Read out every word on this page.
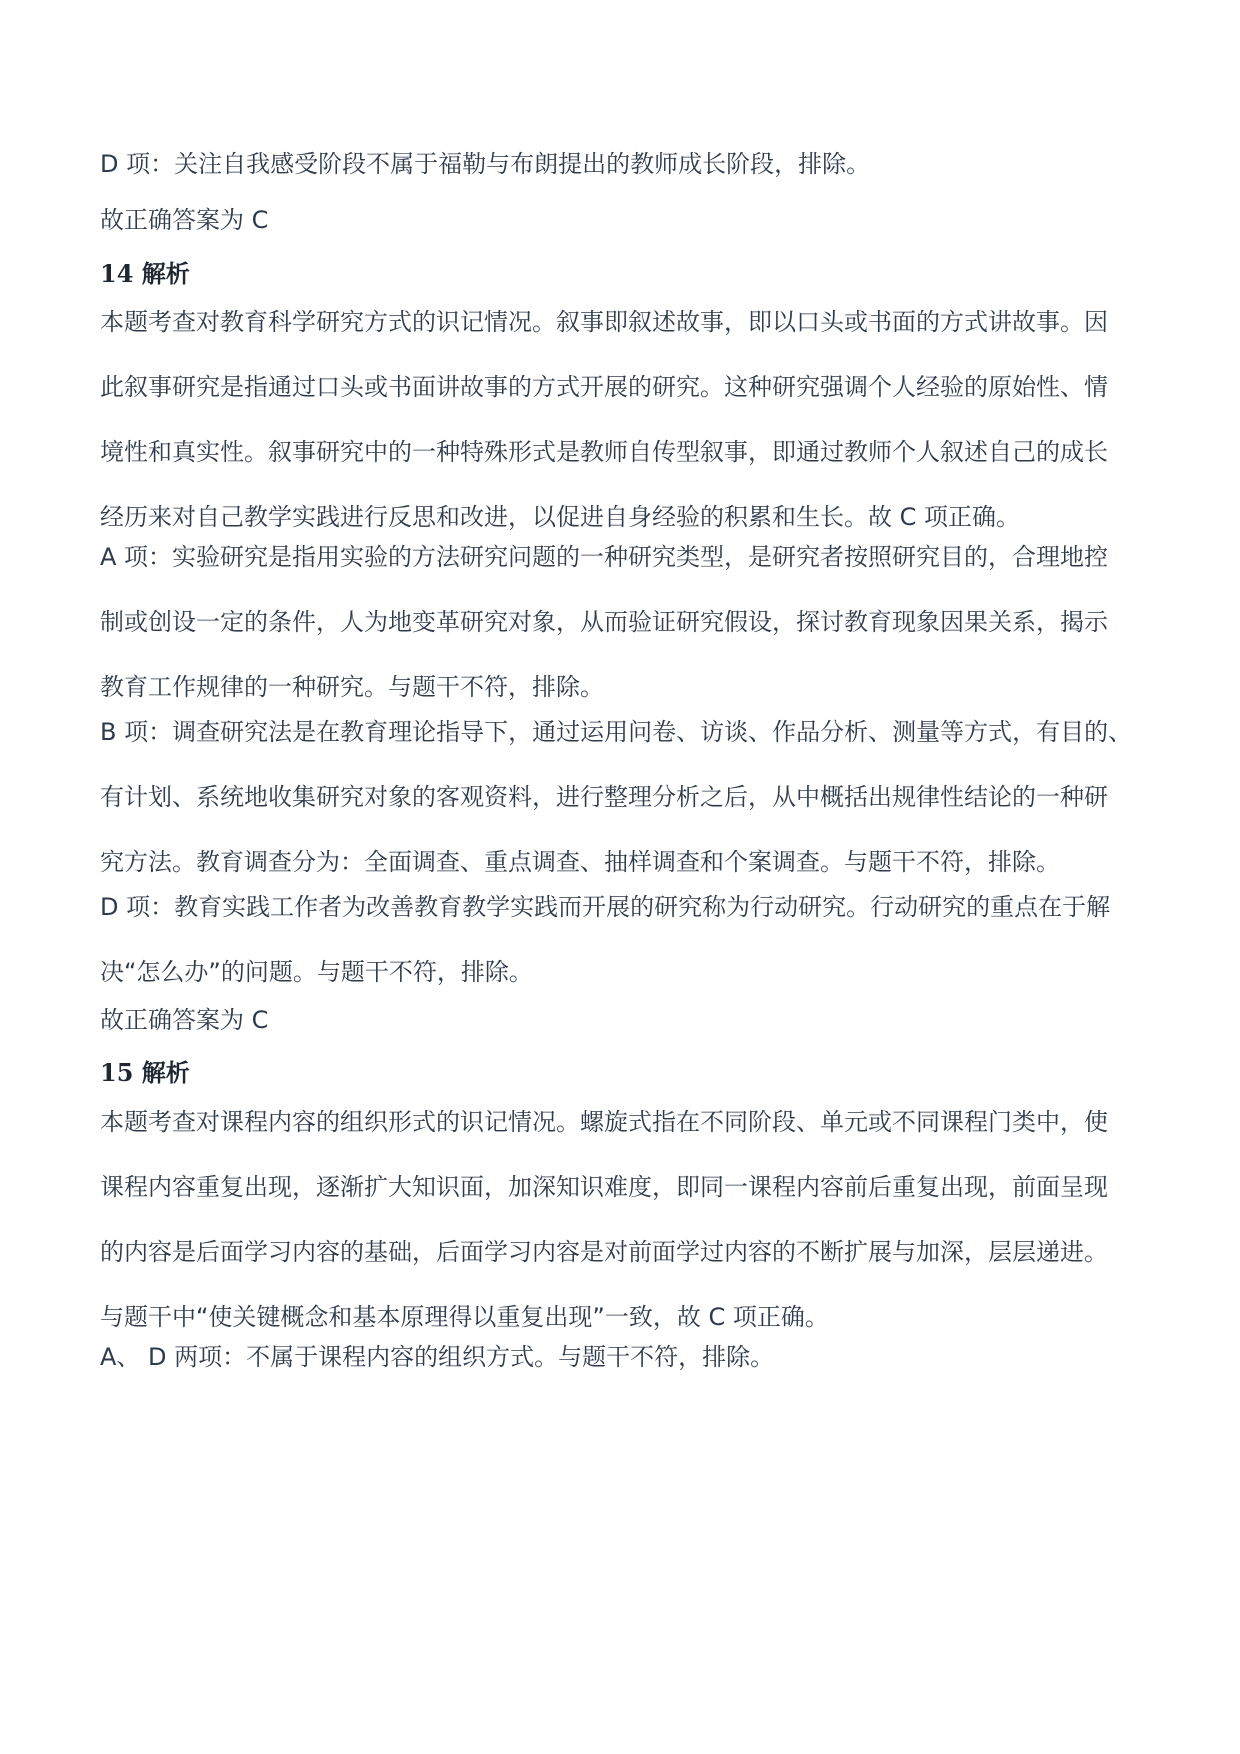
D 项：关注自我感受阶段不属于福勒与布朗提出的教师成长阶段，排除。

故正确答案为 C

14 解析

本题考查对教育科学研究方式的识记情况。叙事即叙述故事，即以口头或书面的方式讲故事。因

此叙事研究是指通过口头或书面讲故事的方式开展的研究。这种研究强调个人经验的原始性、情

境性和真实性。叙事研究中的一种特殊形式是教师自传型叙事，即通过教师个人叙述自己的成长

经历来对自己教学实践进行反思和改进，以促进自身经验的积累和生长。故 C 项正确。

A 项：实验研究是指用实验的方法研究问题的一种研究类型，是研究者按照研究目的，合理地控

制或创设一定的条件，人为地变革研究对象，从而验证研究假设，探讨教育现象因果关系，揭示

教育工作规律的一种研究。与题干不符，排除。

B 项：调查研究法是在教育理论指导下，通过运用问卷、访谈、作品分析、测量等方式，有目的、

有计划、系统地收集研究对象的客观资料，进行整理分析之后，从中概括出规律性结论的一种研

究方法。教育调查分为：全面调查、重点调查、抽样调查和个案调查。与题干不符，排除。

D 项：教育实践工作者为改善教育教学实践而开展的研究称为行动研究。行动研究的重点在于解

决“怎么办”的问题。与题干不符，排除。

故正确答案为 C

15 解析

本题考查对课程内容的组织形式的识记情况。螺旋式指在不同阶段、单元或不同课程门类中，使

课程内容重复出现，逐渐扩大知识面，加深知识难度，即同一课程内容前后重复出现，前面呈现

的内容是后面学习内容的基础，后面学习内容是对前面学过内容的不断扩展与加深，层层递进。

与题干中“使关键概念和基本原理得以重复出现”一致，故 C 项正确。

A、 D 两项：不属于课程内容的组织方式。与题干不符，排除。
